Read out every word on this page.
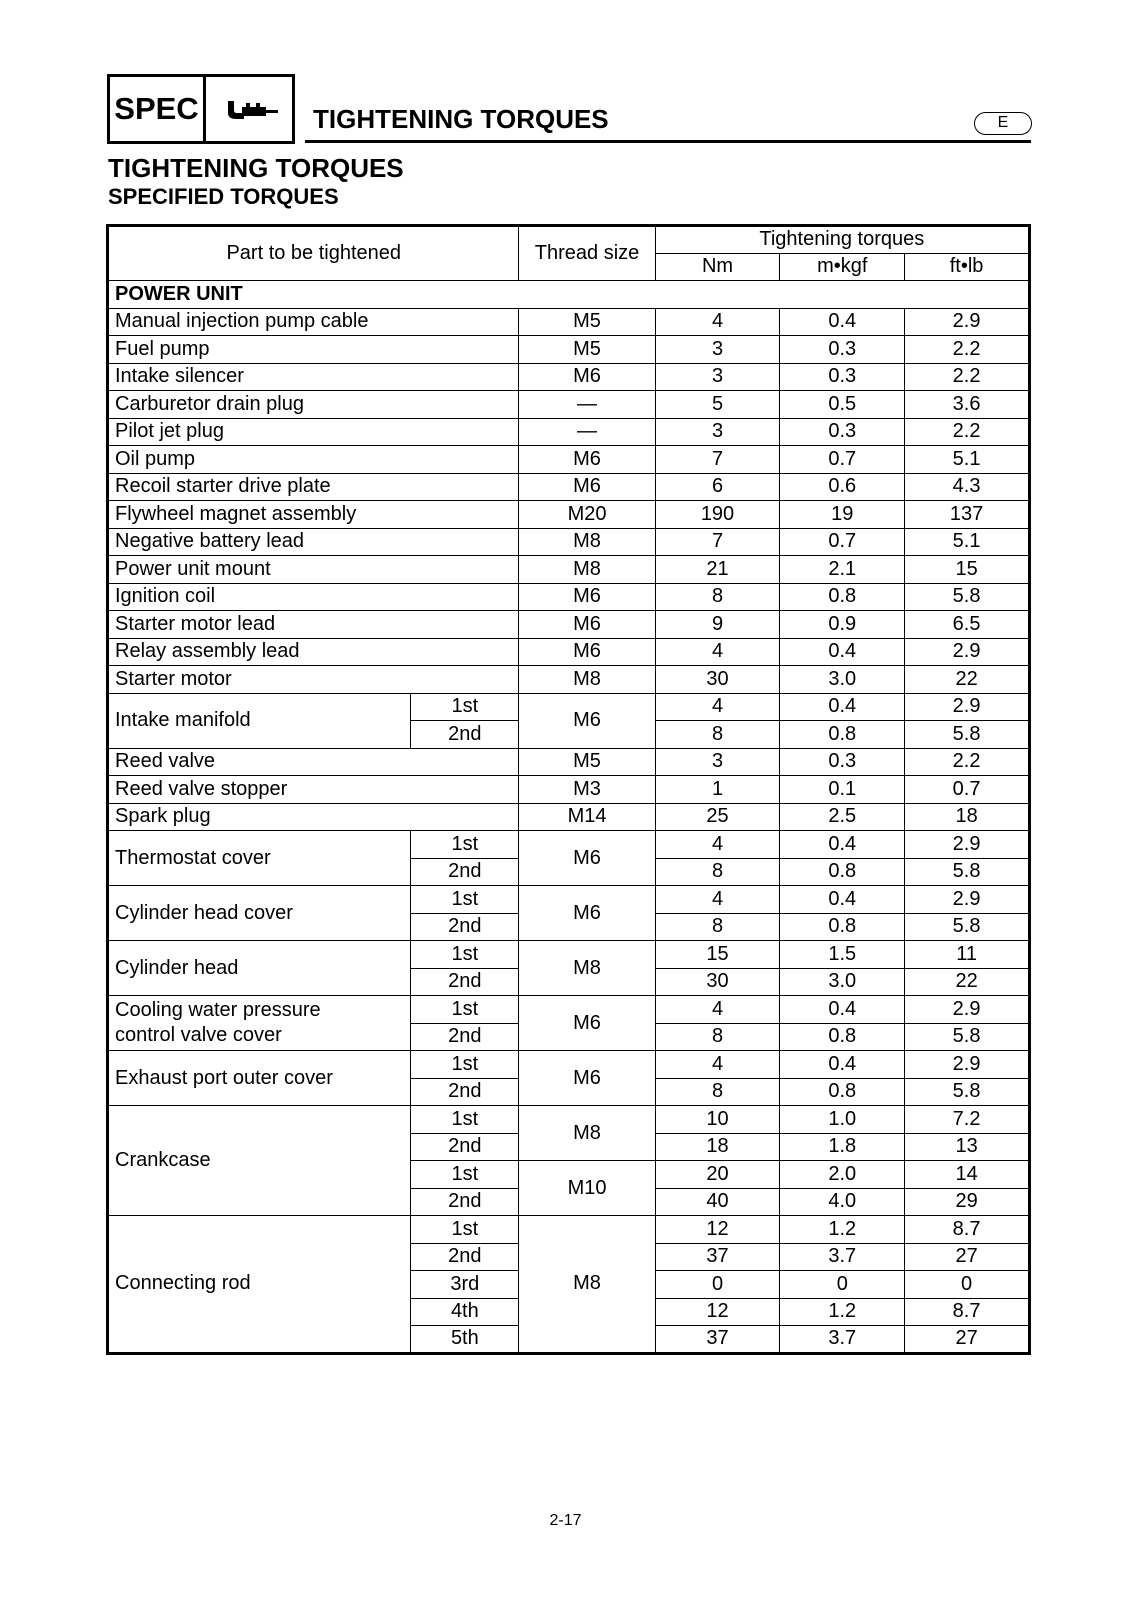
SPEC	TIGHTENING TORQUES	E
TIGHTENING TORQUES
SPECIFIED TORQUES
Part to be tightened		Thread size	Tightening torques		
			Nm	m•kgf	ft•lb
POWER UNIT					
Manual injection pump cable		M5	4	0.4	2.9
Fuel pump		M5	3	0.3	2.2
Intake silencer		M6	3	0.3	2.2
Carburetor drain plug		—	5	0.5	3.6
Pilot jet plug		—	3	0.3	2.2
Oil pump		M6	7	0.7	5.1
Recoil starter drive plate		M6	6	0.6	4.3
Flywheel magnet assembly		M20	190	19	137
Negative battery lead		M8	7	0.7	5.1
Power unit mount		M8	21	2.1	15
Ignition coil		M6	8	0.8	5.8
Starter motor lead		M6	9	0.9	6.5
Relay assembly lead		M6	4	0.4	2.9
Starter motor		M8	30	3.0	22
Intake manifold	1st	M6	4	0.4	2.9
	2nd		8	0.8	5.8
Reed valve		M5	3	0.3	2.2
Reed valve stopper		M3	1	0.1	0.7
Spark plug		M14	25	2.5	18
Thermostat cover	1st	M6	4	0.4	2.9
	2nd		8	0.8	5.8
Cylinder head cover	1st	M6	4	0.4	2.9
	2nd		8	0.8	5.8
Cylinder head	1st	M8	15	1.5	11
	2nd		30	3.0	22
Cooling water pressure
control valve cover	1st	M6	4	0.4	2.9
	2nd		8	0.8	5.8
Exhaust port outer cover	1st	M6	4	0.4	2.9
	2nd		8	0.8	5.8
Crankcase	1st	M8	10	1.0	7.2
	2nd		18	1.8	13
	1st	M10	20	2.0	14
	2nd		40	4.0	29
Connecting rod	1st	M8	12	1.2	8.7
	2nd		37	3.7	27
	3rd		0	0	0
	4th		12	1.2	8.7
	5th		37	3.7	27
2-17
